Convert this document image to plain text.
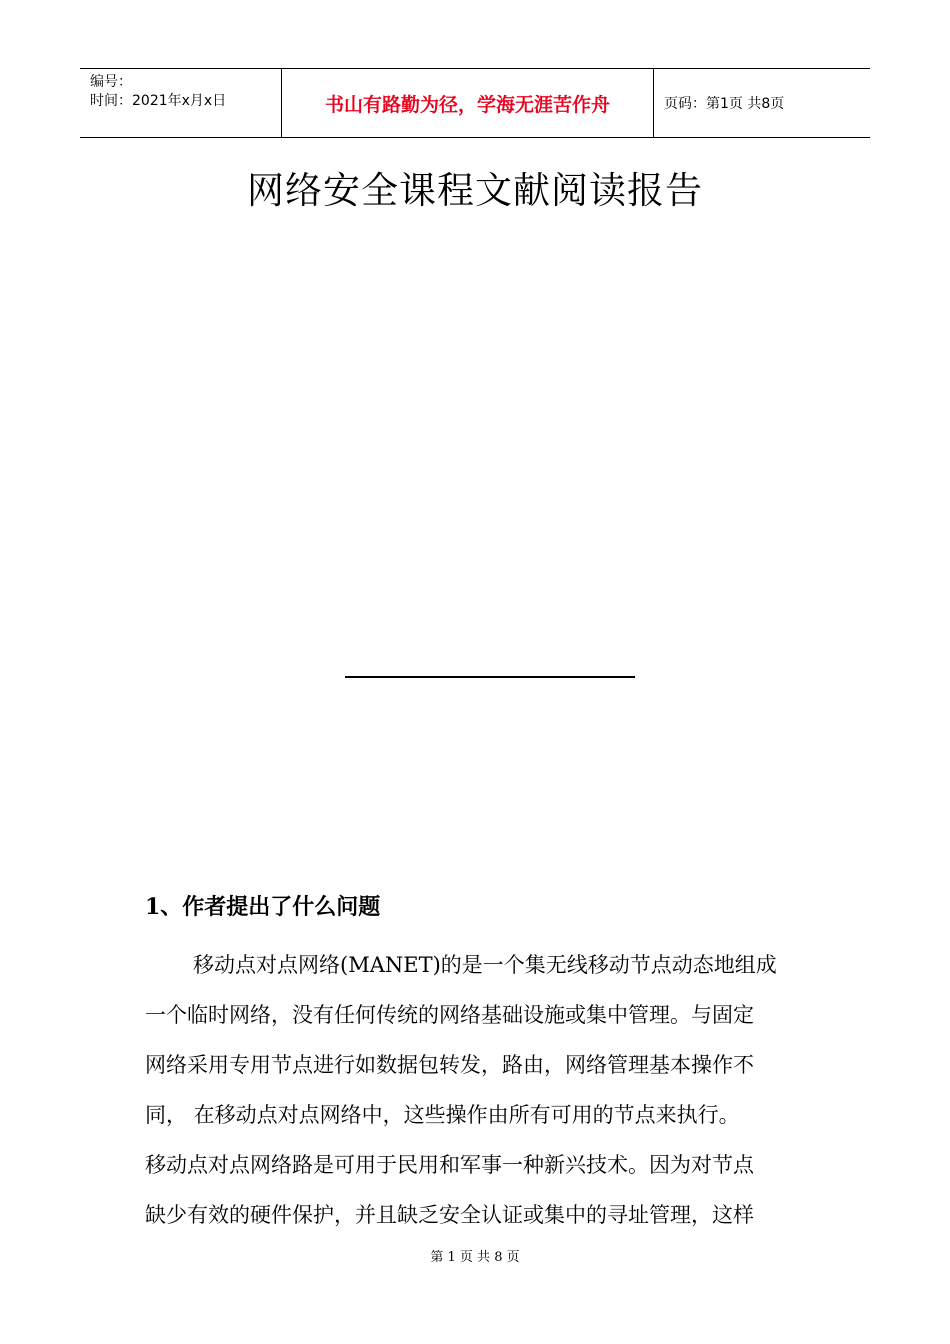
编号：
时间：2021年x月x日	书山有路勤为径，学海无涯苦作舟	页码：第1页 共8页
网络安全课程文献阅读报告
1、作者提出了什么问题
移动点对点网络(MANET)的是一个集无线移动节点动态地组成
一个临时网络，没有任何传统的网络基础设施或集中管理。与固定
网络采用专用节点进行如数据包转发，路由，网络管理基本操作不
同， 在移动点对点网络中，这些操作由所有可用的节点来执行。
移动点对点网络路是可用于民用和军事一种新兴技术。因为对节点
缺少有效的硬件保护，并且缺乏安全认证或集中的寻址管理，这样
第 1 页 共 8 页
